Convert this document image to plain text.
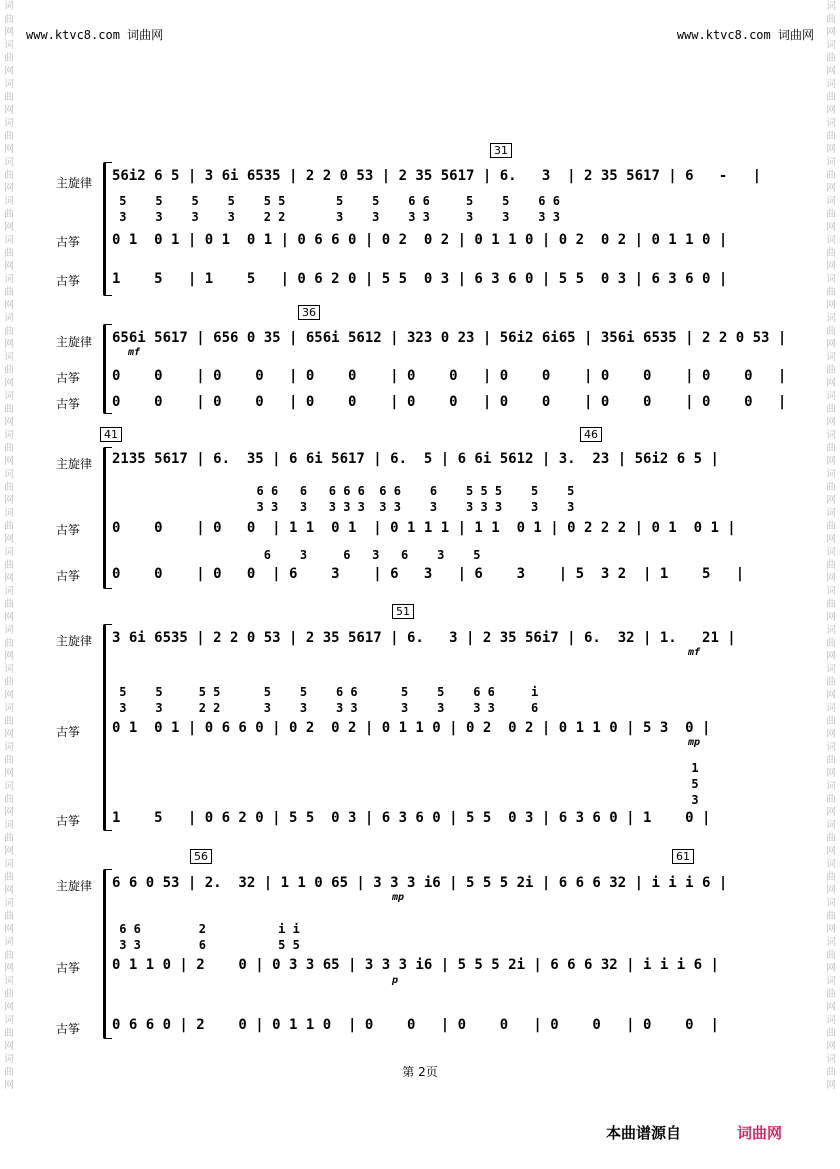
词曲网词曲网词曲网词曲网词曲网词曲网词曲网词曲网词曲网词曲网词曲网词曲网词曲网词曲网词曲网词曲网词曲网词曲网词曲网词曲网词曲网词曲网词曲网词曲网词曲网词曲网词曲网词曲网
词曲网词曲网词曲网词曲网词曲网词曲网词曲网词曲网词曲网词曲网词曲网词曲网词曲网词曲网词曲网词曲网词曲网词曲网词曲网词曲网词曲网词曲网词曲网词曲网词曲网词曲网词曲网词曲网
www.ktvc8.com 词曲网	www.ktvc8.com 词曲网
31
主旋律
古筝
古筝
56i2 6 5 | 3 6i 6535 | 2 2 0 53 | 2 35 5617 | 6.   3  | 2 35 5617 | 6   -   |
5    5    5    5    5 5       5    5    6 6     5    5    6 6
3    3    3    3    2 2       3    3    3 3     3    3    3 3
0 1  0 1 | 0 1  0 1 | 0 6 6 0 | 0 2  0 2 | 0 1 1 0 | 0 2  0 2 | 0 1 1 0 |
1    5   | 1    5   | 0 6 2 0 | 5 5  0 3 | 6 3 6 0 | 5 5  0 3 | 6 3 6 0 |
36
主旋律
古筝
古筝
656i 5617 | 656 0 35 | 656i 5612 | 323 0 23 | 56i2 6i65 | 356i 6535 | 2 2 0 53 |
mf
0    0    | 0    0   | 0    0    | 0    0   | 0    0    | 0    0    | 0    0   |
0    0    | 0    0   | 0    0    | 0    0   | 0    0    | 0    0    | 0    0   |
41	46
主旋律
古筝
古筝
2135 5617 | 6.  35 | 6 6i 5617 | 6.  5 | 6 6i 5612 | 3.  23 | 56i2 6 5 |
6 6   6   6 6 6  6 6    6    5 5 5    5    5
3 3   3   3 3 3  3 3    3    3 3 3    3    3
0    0    | 0   0  | 1 1  0 1  | 0 1 1 1 | 1 1  0 1 | 0 2 2 2 | 0 1  0 1 |
6    3     6   3   6    3    5
0    0    | 0   0  | 6    3    | 6   3   | 6    3    | 5  3 2  | 1    5   |
51
主旋律
古筝
古筝
3 6i 6535 | 2 2 0 53 | 2 35 5617 | 6.   3 | 2 35 56i7 | 6.  32 | 1.   21 |
5    5     5 5      5    5    6 6      5    5    6 6     i
3    3     2 2      3    3    3 3      3    3    3 3     6
0 1  0 1 | 0 6 6 0 | 0 2  0 2 | 0 1 1 0 | 0 2  0 2 | 0 1 1 0 | 5 3  0 |
1 5 3
1    5   | 0 6 2 0 | 5 5  0 3 | 6 3 6 0 | 5 5  0 3 | 6 3 6 0 | 1    0 |
mf
mp
56	61
主旋律
古筝
古筝
6 6 0 53 | 2.  32 | 1 1 0 65 | 3 3 3 i6 | 5 5 5 2i | 6 6 6 32 | i i i 6 |
mp
6 6        2          i i
3 3        6          5 5
0 1 1 0 | 2    0 | 0 3 3 65 | 3 3 3 i6 | 5 5 5 2i | 6 6 6 32 | i i i 6 |
p
0 6 6 0 | 2    0 | 0 1 1 0  | 0    0   | 0    0   | 0    0   | 0    0  |
第 2页
本曲谱源自	词曲网
